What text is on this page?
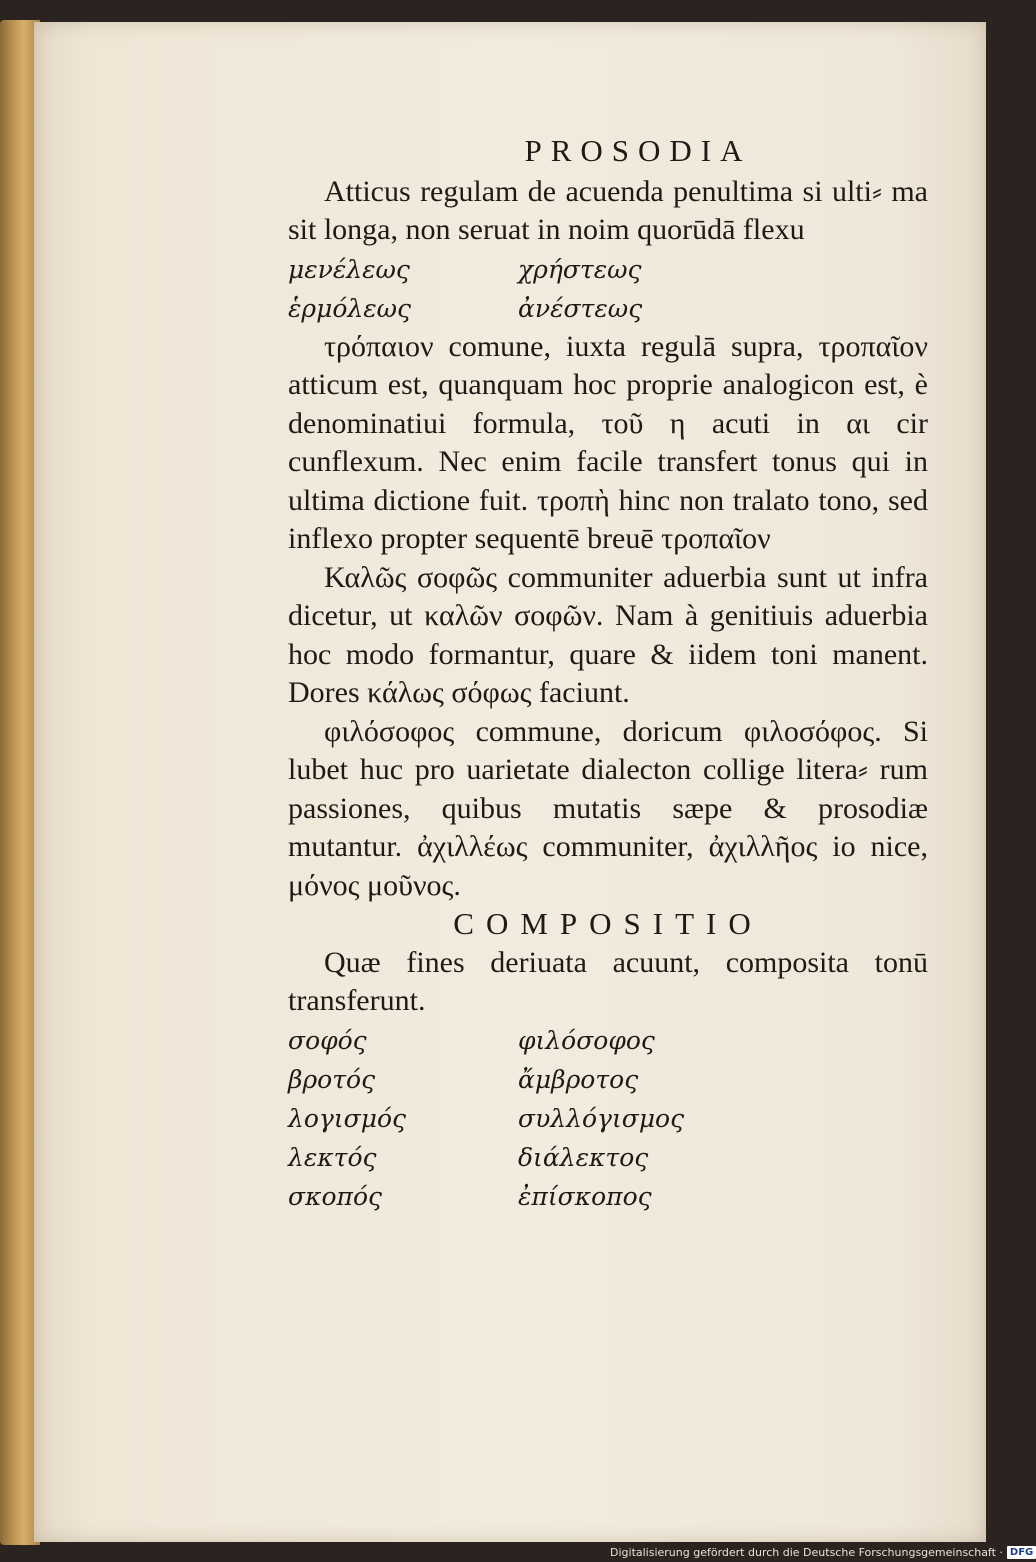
PROSODIA

Atticus regulam de acuenda penultima si ulti⸗ ma sit longa, non seruat in noim quorūdā flexu

μενέλεως	χρήστεως
ἑρμόλεως	ἀνέστεως

τρόπαιον comune, iuxta regulā supra, τροπαῖον atticum est, quanquam hoc proprie analogicon est, è denominatiui formula, τοῦ η acuti in αι cir cunflexum. Nec enim facile transfert tonus qui in ultima dictione fuit. τροπὴ hinc non tralato tono, sed inflexo propter sequentē breuē τροπαῖον

Καλῶς σοφῶς communiter aduerbia sunt ut infra dicetur, ut καλῶν σοφῶν. Nam à genitiuis aduerbia hoc modo formantur, quare & iidem toni manent. Dores κάλως σόφως faciunt.

φιλόσοφος commune, doricum φιλοσόφος. Si lubet huc pro uarietate dialecton collige litera⸗ rum passiones, quibus mutatis sæpe & prosodiæ mutantur. ἀχιλλέως communiter, ἀχιλλῆος io nice, μόνος μοῦνος.

COMPOSITIO

Quæ fines deriuata acuunt, composita tonū transferunt.

σοφός	φιλόσοφος
βροτός	ἄμβροτος
λογισμός	συλλόγισμος
λεκτός	διάλεκτος
σκοπός	ἐπίσκοπος
Digitalisierung gefördert durch die Deutsche Forschungsgemeinschaft · DFG
